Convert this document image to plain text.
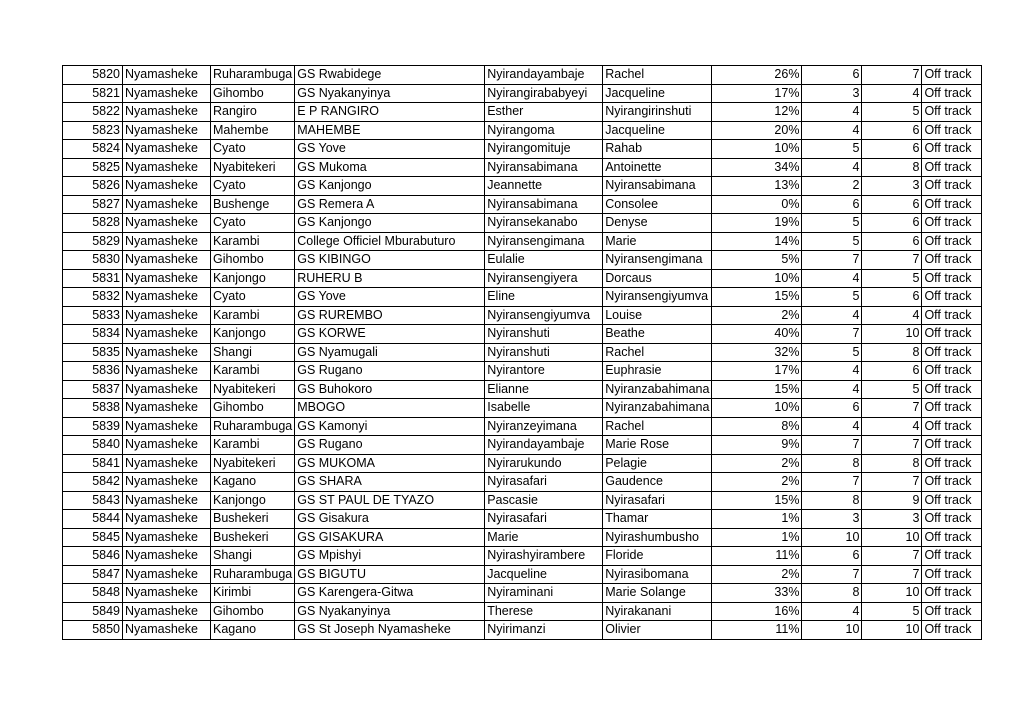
5820	Nyamasheke	Ruharambuga	GS Rwabidege	Nyirandayambaje	Rachel	26%	6	7	Off track
5821	Nyamasheke	Gihombo	GS Nyakanyinya	Nyirangirababyeyi	Jacqueline	17%	3	4	Off track
5822	Nyamasheke	Rangiro	E P RANGIRO	Esther	Nyirangirinshuti	12%	4	5	Off track
5823	Nyamasheke	Mahembe	MAHEMBE	Nyirangoma	Jacqueline	20%	4	6	Off track
5824	Nyamasheke	Cyato	GS Yove	Nyirangomituje	Rahab	10%	5	6	Off track
5825	Nyamasheke	Nyabitekeri	GS Mukoma	Nyiransabimana	Antoinette	34%	4	8	Off track
5826	Nyamasheke	Cyato	GS Kanjongo	Jeannette	Nyiransabimana	13%	2	3	Off track
5827	Nyamasheke	Bushenge	GS Remera A	Nyiransabimana	Consolee	0%	6	6	Off track
5828	Nyamasheke	Cyato	GS Kanjongo	Nyiransekanabo	Denyse	19%	5	6	Off track
5829	Nyamasheke	Karambi	College Officiel Mburabuturo	Nyiransengimana	Marie	14%	5	6	Off track
5830	Nyamasheke	Gihombo	GS KIBINGO	Eulalie	Nyiransengimana	5%	7	7	Off track
5831	Nyamasheke	Kanjongo	RUHERU B	Nyiransengiyera	Dorcaus	10%	4	5	Off track
5832	Nyamasheke	Cyato	GS Yove	Eline	Nyiransengiyumva	15%	5	6	Off track
5833	Nyamasheke	Karambi	GS RUREMBO	Nyiransengiyumva	Louise	2%	4	4	Off track
5834	Nyamasheke	Kanjongo	GS KORWE	Nyiranshuti	Beathe	40%	7	10	Off track
5835	Nyamasheke	Shangi	GS Nyamugali	Nyiranshuti	Rachel	32%	5	8	Off track
5836	Nyamasheke	Karambi	GS Rugano	Nyirantore	Euphrasie	17%	4	6	Off track
5837	Nyamasheke	Nyabitekeri	GS Buhokoro	Elianne	Nyiranzabahimana	15%	4	5	Off track
5838	Nyamasheke	Gihombo	MBOGO	Isabelle	Nyiranzabahimana	10%	6	7	Off track
5839	Nyamasheke	Ruharambuga	GS Kamonyi	Nyiranzeyimana	Rachel	8%	4	4	Off track
5840	Nyamasheke	Karambi	GS Rugano	Nyirandayambaje	Marie Rose	9%	7	7	Off track
5841	Nyamasheke	Nyabitekeri	GS MUKOMA	Nyirarukundo	Pelagie	2%	8	8	Off track
5842	Nyamasheke	Kagano	GS SHARA	Nyirasafari	Gaudence	2%	7	7	Off track
5843	Nyamasheke	Kanjongo	GS ST PAUL DE TYAZO	Pascasie	Nyirasafari	15%	8	9	Off track
5844	Nyamasheke	Bushekeri	GS Gisakura	Nyirasafari	Thamar	1%	3	3	Off track
5845	Nyamasheke	Bushekeri	GS GISAKURA	Marie	Nyirashumbusho	1%	10	10	Off track
5846	Nyamasheke	Shangi	GS Mpishyi	Nyirashyirambere	Floride	11%	6	7	Off track
5847	Nyamasheke	Ruharambuga	GS BIGUTU	Jacqueline	Nyirasibomana	2%	7	7	Off track
5848	Nyamasheke	Kirimbi	GS Karengera-Gitwa	Nyiraminani	Marie Solange	33%	8	10	Off track
5849	Nyamasheke	Gihombo	GS Nyakanyinya	Therese	Nyirakanani	16%	4	5	Off track
5850	Nyamasheke	Kagano	GS St Joseph Nyamasheke	Nyirimanzi	Olivier	11%	10	10	Off track
